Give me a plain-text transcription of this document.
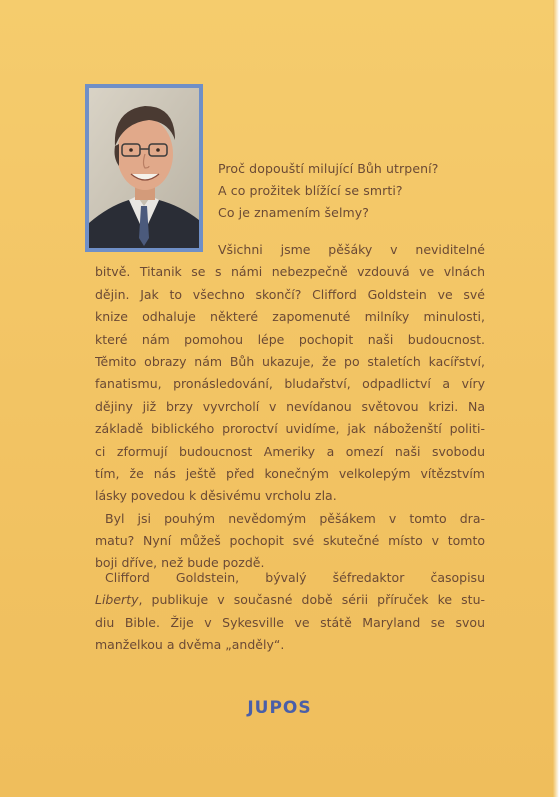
Proč dopouští milující Bůh utrpení?
A co prožitek blížící se smrti?
Co je znamením šelmy?
Všichni jsme pěšáky v neviditelné
bitvě. Titanik se s námi nebezpečně vzdouvá ve vlnách
dějin. Jak to všechno skončí? Clifford Goldstein ve své
knize odhaluje některé zapomenuté milníky minulosti,
které nám pomohou lépe pochopit naši budoucnost.
Těmito obrazy nám Bůh ukazuje, že po staletích kacířství,
fanatismu, pronásledování, bludařství, odpadlictví a víry
dějiny již brzy vyvrcholí v nevídanou světovou krizi. Na
základě biblického proroctví uvidíme, jak náboženští politi-
ci zformují budoucnost Ameriky a omezí naši svobodu
tím, že nás ještě před konečným velkolepým vítězstvím
lásky povedou k děsivému vrcholu zla.
Byl jsi pouhým nevědomým pěšákem v tomto dra-
matu? Nyní můžeš pochopit své skutečné místo v tomto
boji dříve, než bude pozdě.
Clifford Goldstein, bývalý šéfredaktor časopisu
Liberty, publikuje v současné době sérii příruček ke stu-
diu Bible. Žije v Sykesville ve státě Maryland se svou
manželkou a dvěma „anděly“.
JUPOS
